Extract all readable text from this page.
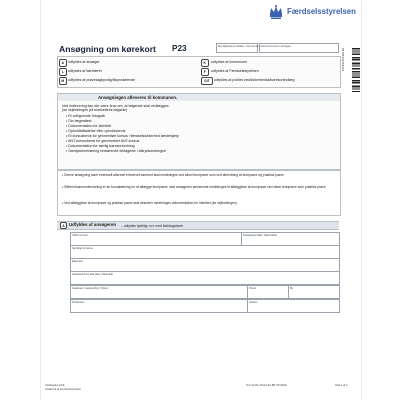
Færdselsstyrelsen
Ansøgning om kørekort P23	Myndighedens initialer • Kommunens Personnummer • Ansøget
98765432154321
A udfyldes af ansøger
L udfyldes af kørelærer
M udfyldes af prøvesagkyndig/tilsynsførende
K udfyldes af kommunen
F udfyldes af Færdselsstyrelsen
G/T udfyldes af politiet ved/sikkerhedsk/kørekortindlæg
Ansøgningen afleveres til kommunen.
Ved indlevering kan der være krav om, at følgende skal vedlægges:
(se vejledningen på blankettens bagside)
• Et vellignende fotografi
• Din lægeattest
• Dokumentation for identitet
• Opholdstilladelse eller opholdsbevis
• Et kursusbevis for gennemført kursus i færdselssikkerhed førstehjælp
• ANT-kursusbevis for gennemført ANT-kursus
• Dokumentation for særlig kørekortordning
• Samtykkeerklæring vedrørende deltagelse i afkrydsordningen
• Denne ansøgning samt eventuelt allerede erhvervet kørekort skal medbringes ved såvel teoriprøve som ved afhentning af teoriprøve og praktisk prøve.
• Såfremt køreundervisning er en forudsætning for at aflægge teoriprøve, skal ansøgeren selvsenest medbringes til aflæggelse af teoriprøve ved såvel teoriprøve som praktisk prøve.
• Ved aflæggelse af teoriprøve og praktisk prøve skal desuden medbringes dokumentation for identitet (se vejledningen).
A Udfyldes af ansøgeren – udfyldes tydeligt, evt. med blokbogstaver
CPR-nummer	Statsborgerskab / Nationalitet
Samtlige fornavne
Efternavn
Fødested (hvis ikke født i Danmark)
Gadenavn (vejnavn/by) / Postnr.	Postnr.	By
Profession	Telefon
Udarbejdet af FE
Godkendt af Færdselsstyrelsen
FLC 23-00-4A0A1 EX BB (07/2024)	Side 1 af 4
